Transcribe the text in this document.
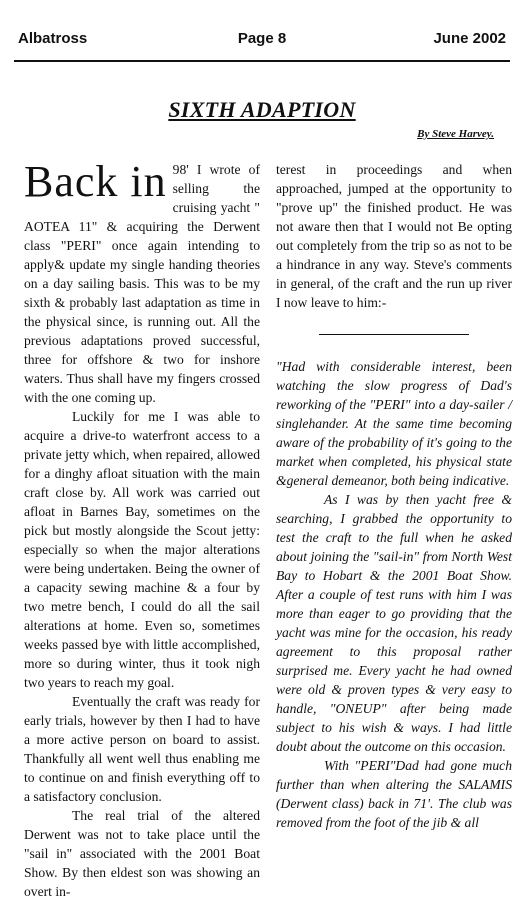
Albatross	Page 8	June 2002
SIXTH ADAPTION
By Steve Harvey.

Back in 98' I wrote of selling the cruising yacht " AOTEA 11" & acquiring the Derwent class "PERI" once again intending to apply& update my single handing theories on a day sailing basis. This was to be my sixth & probably last adaptation as time in the physical since, is running out. All the previous adaptations proved successful, three for offshore & two for inshore waters. Thus shall have my fingers crossed with the one coming up.

Luckily for me I was able to acquire a drive-to waterfront access to a private jetty which, when repaired, allowed for a dinghy afloat situation with the main craft close by. All work was carried out afloat in Barnes Bay, sometimes on the pick but mostly alongside the Scout jetty: especially so when the major alterations were being undertaken. Being the owner of a capacity sewing machine & a four by two metre bench, I could do all the sail alterations at home. Even so, sometimes weeks passed bye with little accomplished, more so during winter, thus it took nigh two years to reach my goal.

Eventually the craft was ready for early trials, however by then I had to have a more active person on board to assist. Thankfully all went well thus enabling me to continue on and finish everything off to a satisfactory conclusion.

The real trial of the altered Derwent was not to take place until the "sail in" associated with the 2001 Boat Show. By then eldest son was showing an overt in-

terest in proceedings and when approached, jumped at the opportunity to "prove up" the finished product. He was not aware then that I would not Be opting out completely from the trip so as not to be a hindrance in any way. Steve's comments in general, of the craft and the run up river I now leave to him:-

"Had with considerable interest, been watching the slow progress of Dad's reworking of the "PERI" into a day-sailer / singlehander. At the same time becoming aware of the probability of it's going to the market when completed, his physical state &general demeanor, both being indicative.

As I was by then yacht free & searching, I grabbed the opportunity to test the craft to the full when he asked about joining the "sail-in" from North West Bay to Hobart & the 2001 Boat Show. After a couple of test runs with him I was more than eager to go providing that the yacht was mine for the occasion, his ready agreement to this proposal rather surprised me. Every yacht he had owned were old & proven types & very easy to handle, "ONEUP" after being made subject to his wish & ways. I had little doubt about the outcome on this occasion.

With "PERI"Dad had gone much further than when altering the SALAMIS (Derwent class) back in 71'. The club was removed from the foot of the jib & all
